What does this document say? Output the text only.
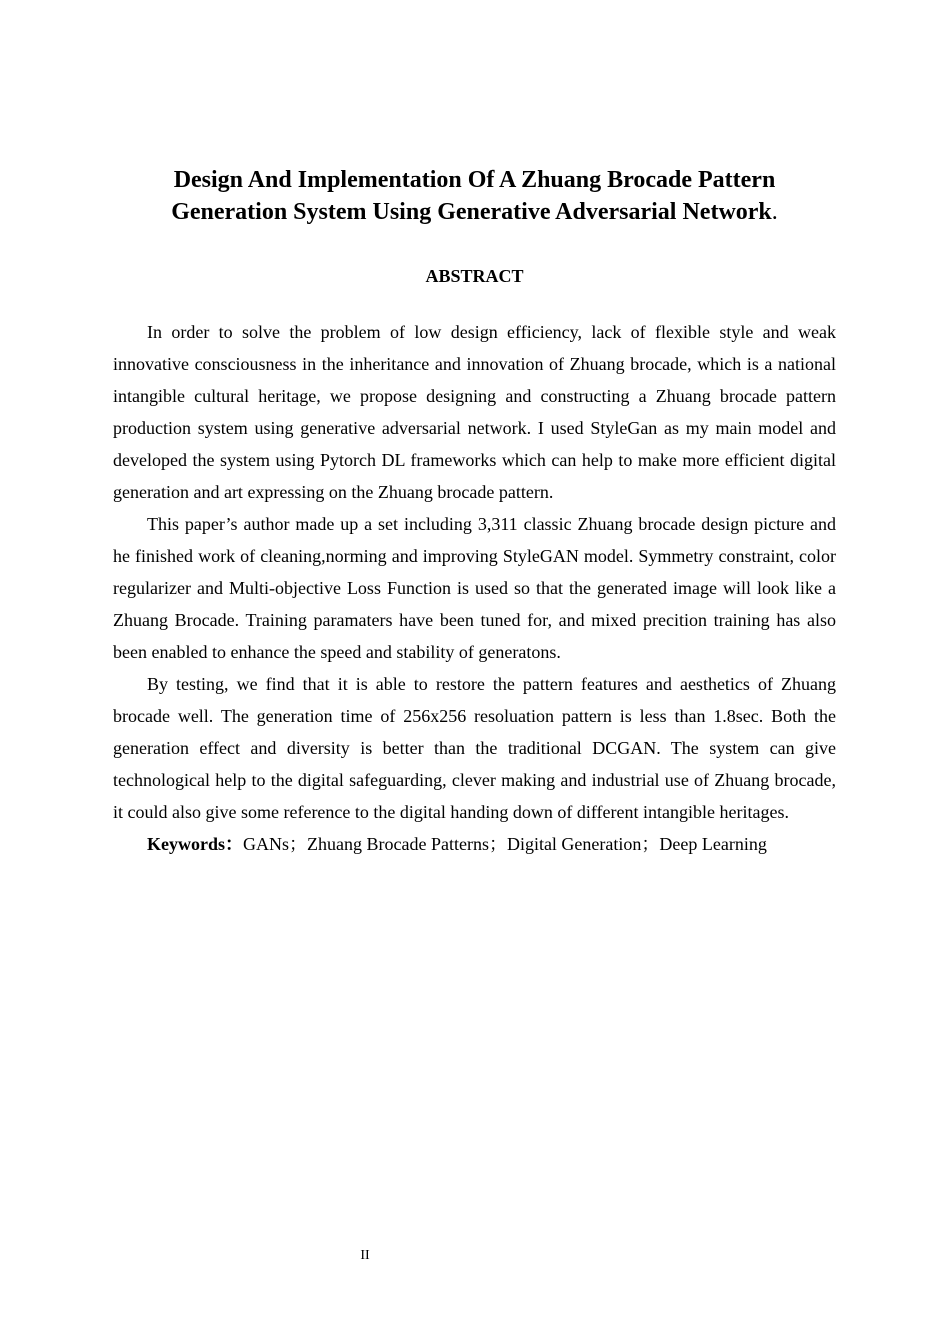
Design And Implementation Of A Zhuang Brocade Pattern
Generation System Using Generative Adversarial Network.
ABSTRACT

In order to solve the problem of low design efficiency, lack of flexible style and weak innovative consciousness in the inheritance and innovation of Zhuang brocade, which is a national intangible cultural heritage, we propose designing and constructing a Zhuang brocade pattern production system using generative adversarial network. I used StyleGan as my main model and developed the system using Pytorch DL frameworks which can help to make more efficient digital generation and art expressing on the Zhuang brocade pattern.

This paper’s author made up a set including 3,311 classic Zhuang brocade design picture and he finished work of cleaning,norming and improving StyleGAN model. Symmetry constraint, color regularizer and Multi-objective Loss Function is used so that the generated image will look like a Zhuang Brocade. Training paramaters have been tuned for, and mixed precition training has also been enabled to enhance the speed and stability of generatons.

By testing, we find that it is able to restore the pattern features and aesthetics of Zhuang brocade well. The generation time of 256x256 resoluation pattern is less than 1.8sec. Both the generation effect and diversity is better than the traditional DCGAN. The system can give technological help to the digital safeguarding, clever making and industrial use of Zhuang brocade, it could also give some reference to the digital handing down of different intangible heritages.

Keywords：GANs；Zhuang Brocade Patterns；Digital Generation；Deep Learning

II
